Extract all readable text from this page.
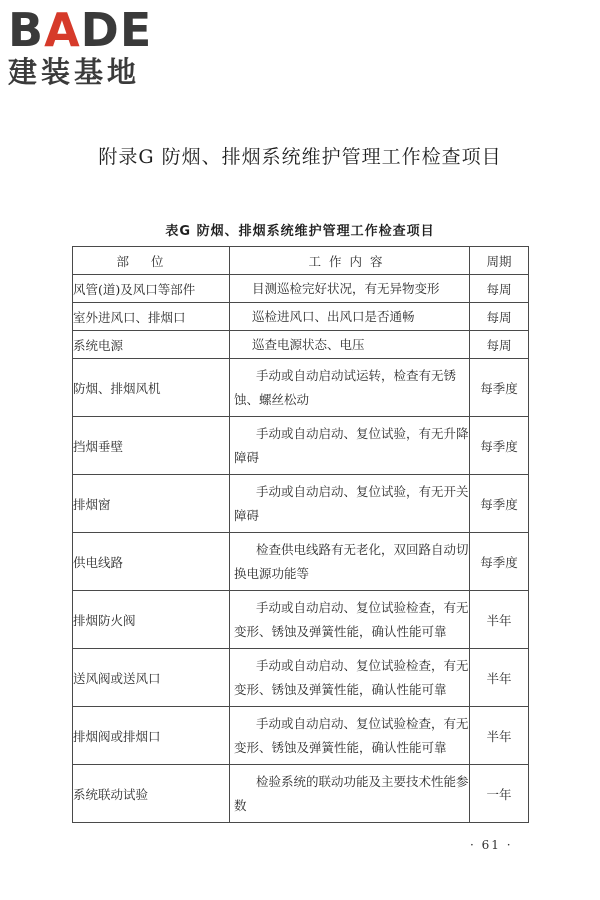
BADE
建装基地
附录G 防烟、排烟系统维护管理工作检查项目
表G 防烟、排烟系统维护管理工作检查项目
部位	工作内容	周期
风管(道)及风口等部件	目测巡检完好状况，有无异物变形	每周
室外进风口、排烟口	巡检进风口、出风口是否通畅	每周
系统电源	巡查电源状态、电压	每周
防烟、排烟风机	手动或自动启动试运转，检查有无锈蚀、螺丝松动	每季度
挡烟垂壁	手动或自动启动、复位试验，有无升降障碍	每季度
排烟窗	手动或自动启动、复位试验，有无开关障碍	每季度
供电线路	检查供电线路有无老化，双回路自动切换电源功能等	每季度
排烟防火阀	手动或自动启动、复位试验检查，有无变形、锈蚀及弹簧性能，确认性能可靠	半年
送风阀或送风口	手动或自动启动、复位试验检查，有无变形、锈蚀及弹簧性能，确认性能可靠	半年
排烟阀或排烟口	手动或自动启动、复位试验检查，有无变形、锈蚀及弹簧性能，确认性能可靠	半年
系统联动试验	检验系统的联动功能及主要技术性能参数	一年
· 61 ·
